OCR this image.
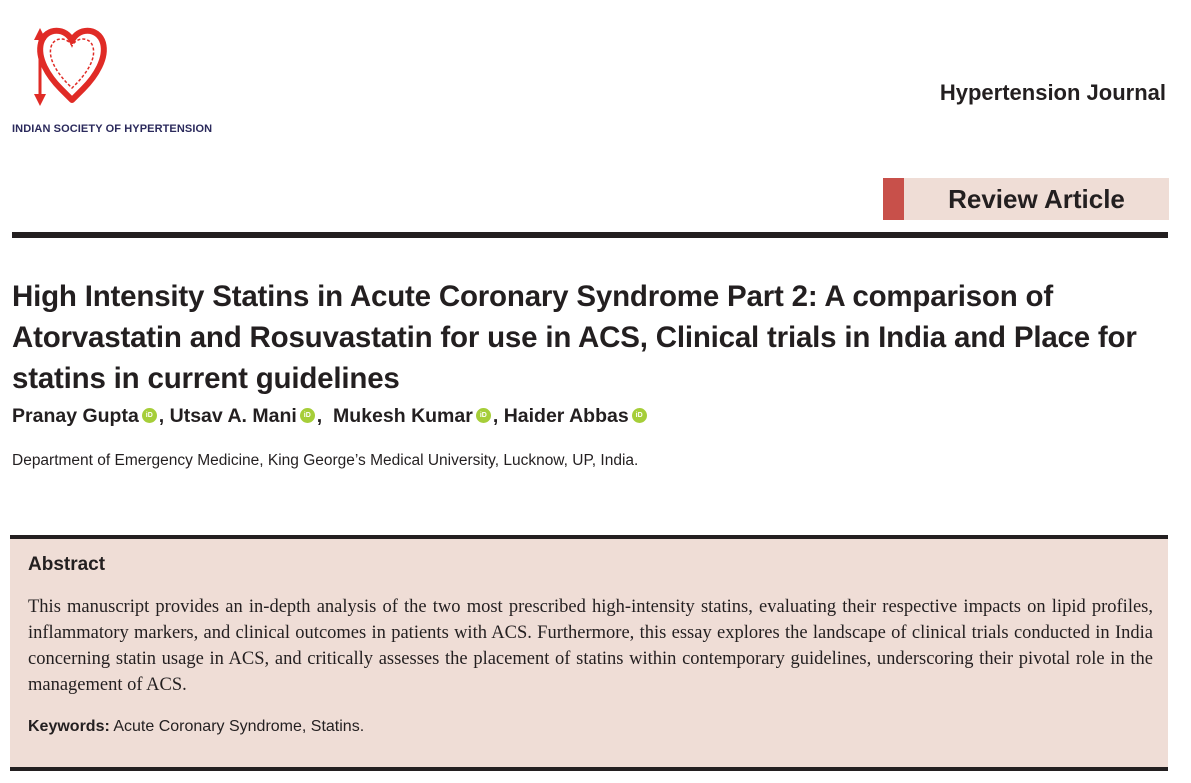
INDIAN SOCIETY OF HYPERTENSION
Hypertension Journal
Review Article
High Intensity Statins in Acute Coronary Syndrome Part 2: A comparison of Atorvastatin and Rosuvastatin for use in ACS, Clinical trials in India and Place for statins in current guidelines
Pranay Gupta iD , Utsav A. Mani iD ,  Mukesh Kumar iD , Haider Abbas iD
Department of Emergency Medicine, King George’s Medical University, Lucknow, UP, India.
Abstract

This manuscript provides an in-depth analysis of the two most prescribed high-intensity statins, evaluating their respective impacts on lipid profiles, inflammatory markers, and clinical outcomes in patients with ACS. Furthermore, this essay explores the landscape of clinical trials conducted in India concerning statin usage in ACS, and critically assesses the placement of statins within contemporary guidelines, underscoring their pivotal role in the management of ACS.

Keywords: Acute Coronary Syndrome, Statins.
